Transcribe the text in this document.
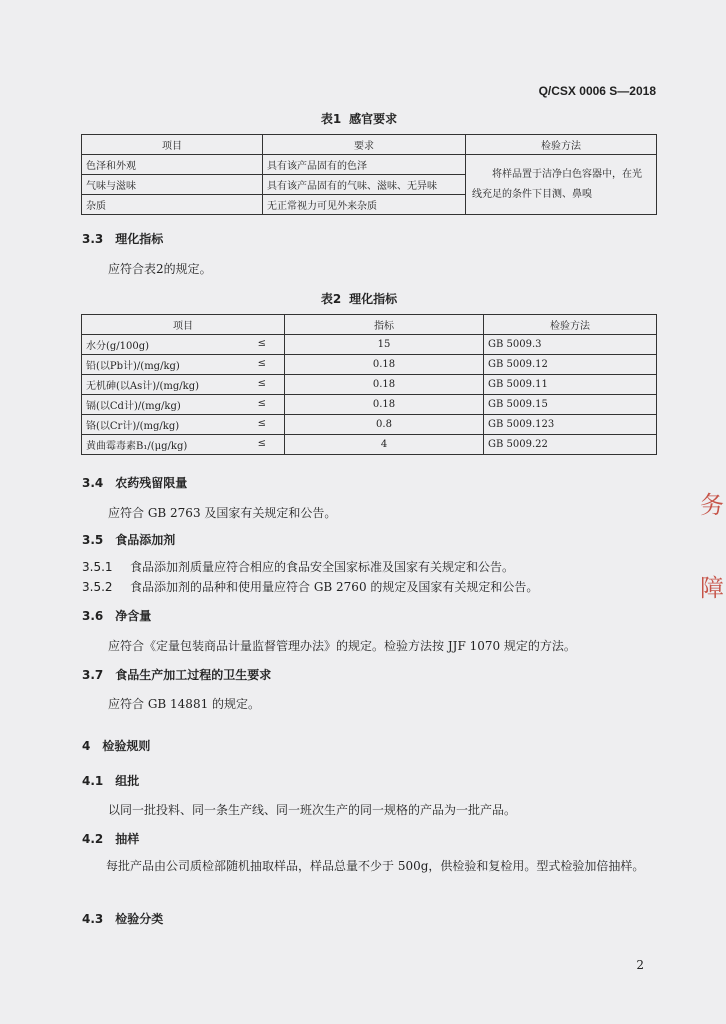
Q/CSX 0006 S—2018
表1 感官要求
项目	要求	检验方法
色泽和外观	具有该产品固有的色泽	将样品置于洁净白色容器中，在光线充足的条件下目测、鼻嗅
气味与滋味	具有该产品固有的气味、滋味、无异味	
杂质	无正常视力可见外来杂质	
3.3 理化指标
应符合表2的规定。
表2 理化指标
项目	指标	检验方法
水分(g/100g) ≤	15	GB 5009.3
铅(以Pb计)/(mg/kg) ≤	0.18	GB 5009.12
无机砷(以As计)/(mg/kg) ≤	0.18	GB 5009.11
镉(以Cd计)/(mg/kg) ≤	0.18	GB 5009.15
铬(以Cr计)/(mg/kg) ≤	0.8	GB 5009.123
黄曲霉毒素B₁/(μg/kg) ≤	4	GB 5009.22
3.4 农药残留限量
应符合 GB 2763 及国家有关规定和公告。
3.5 食品添加剂
3.5.1 食品添加剂质量应符合相应的食品安全国家标准及国家有关规定和公告。
3.5.2 食品添加剂的品种和使用量应符合 GB 2760 的规定及国家有关规定和公告。
3.6 净含量
应符合《定量包装商品计量监督管理办法》的规定。检验方法按 JJF 1070 规定的方法。
3.7 食品生产加工过程的卫生要求
应符合 GB 14881 的规定。
4 检验规则
4.1 组批
以同一批投料、同一条生产线、同一班次生产的同一规格的产品为一批产品。
4.2 抽样
每批产品由公司质检部随机抽取样品，样品总量不少于 500g，供检验和复检用。型式检验加倍抽样。
4.3 检验分类
2
务
障
